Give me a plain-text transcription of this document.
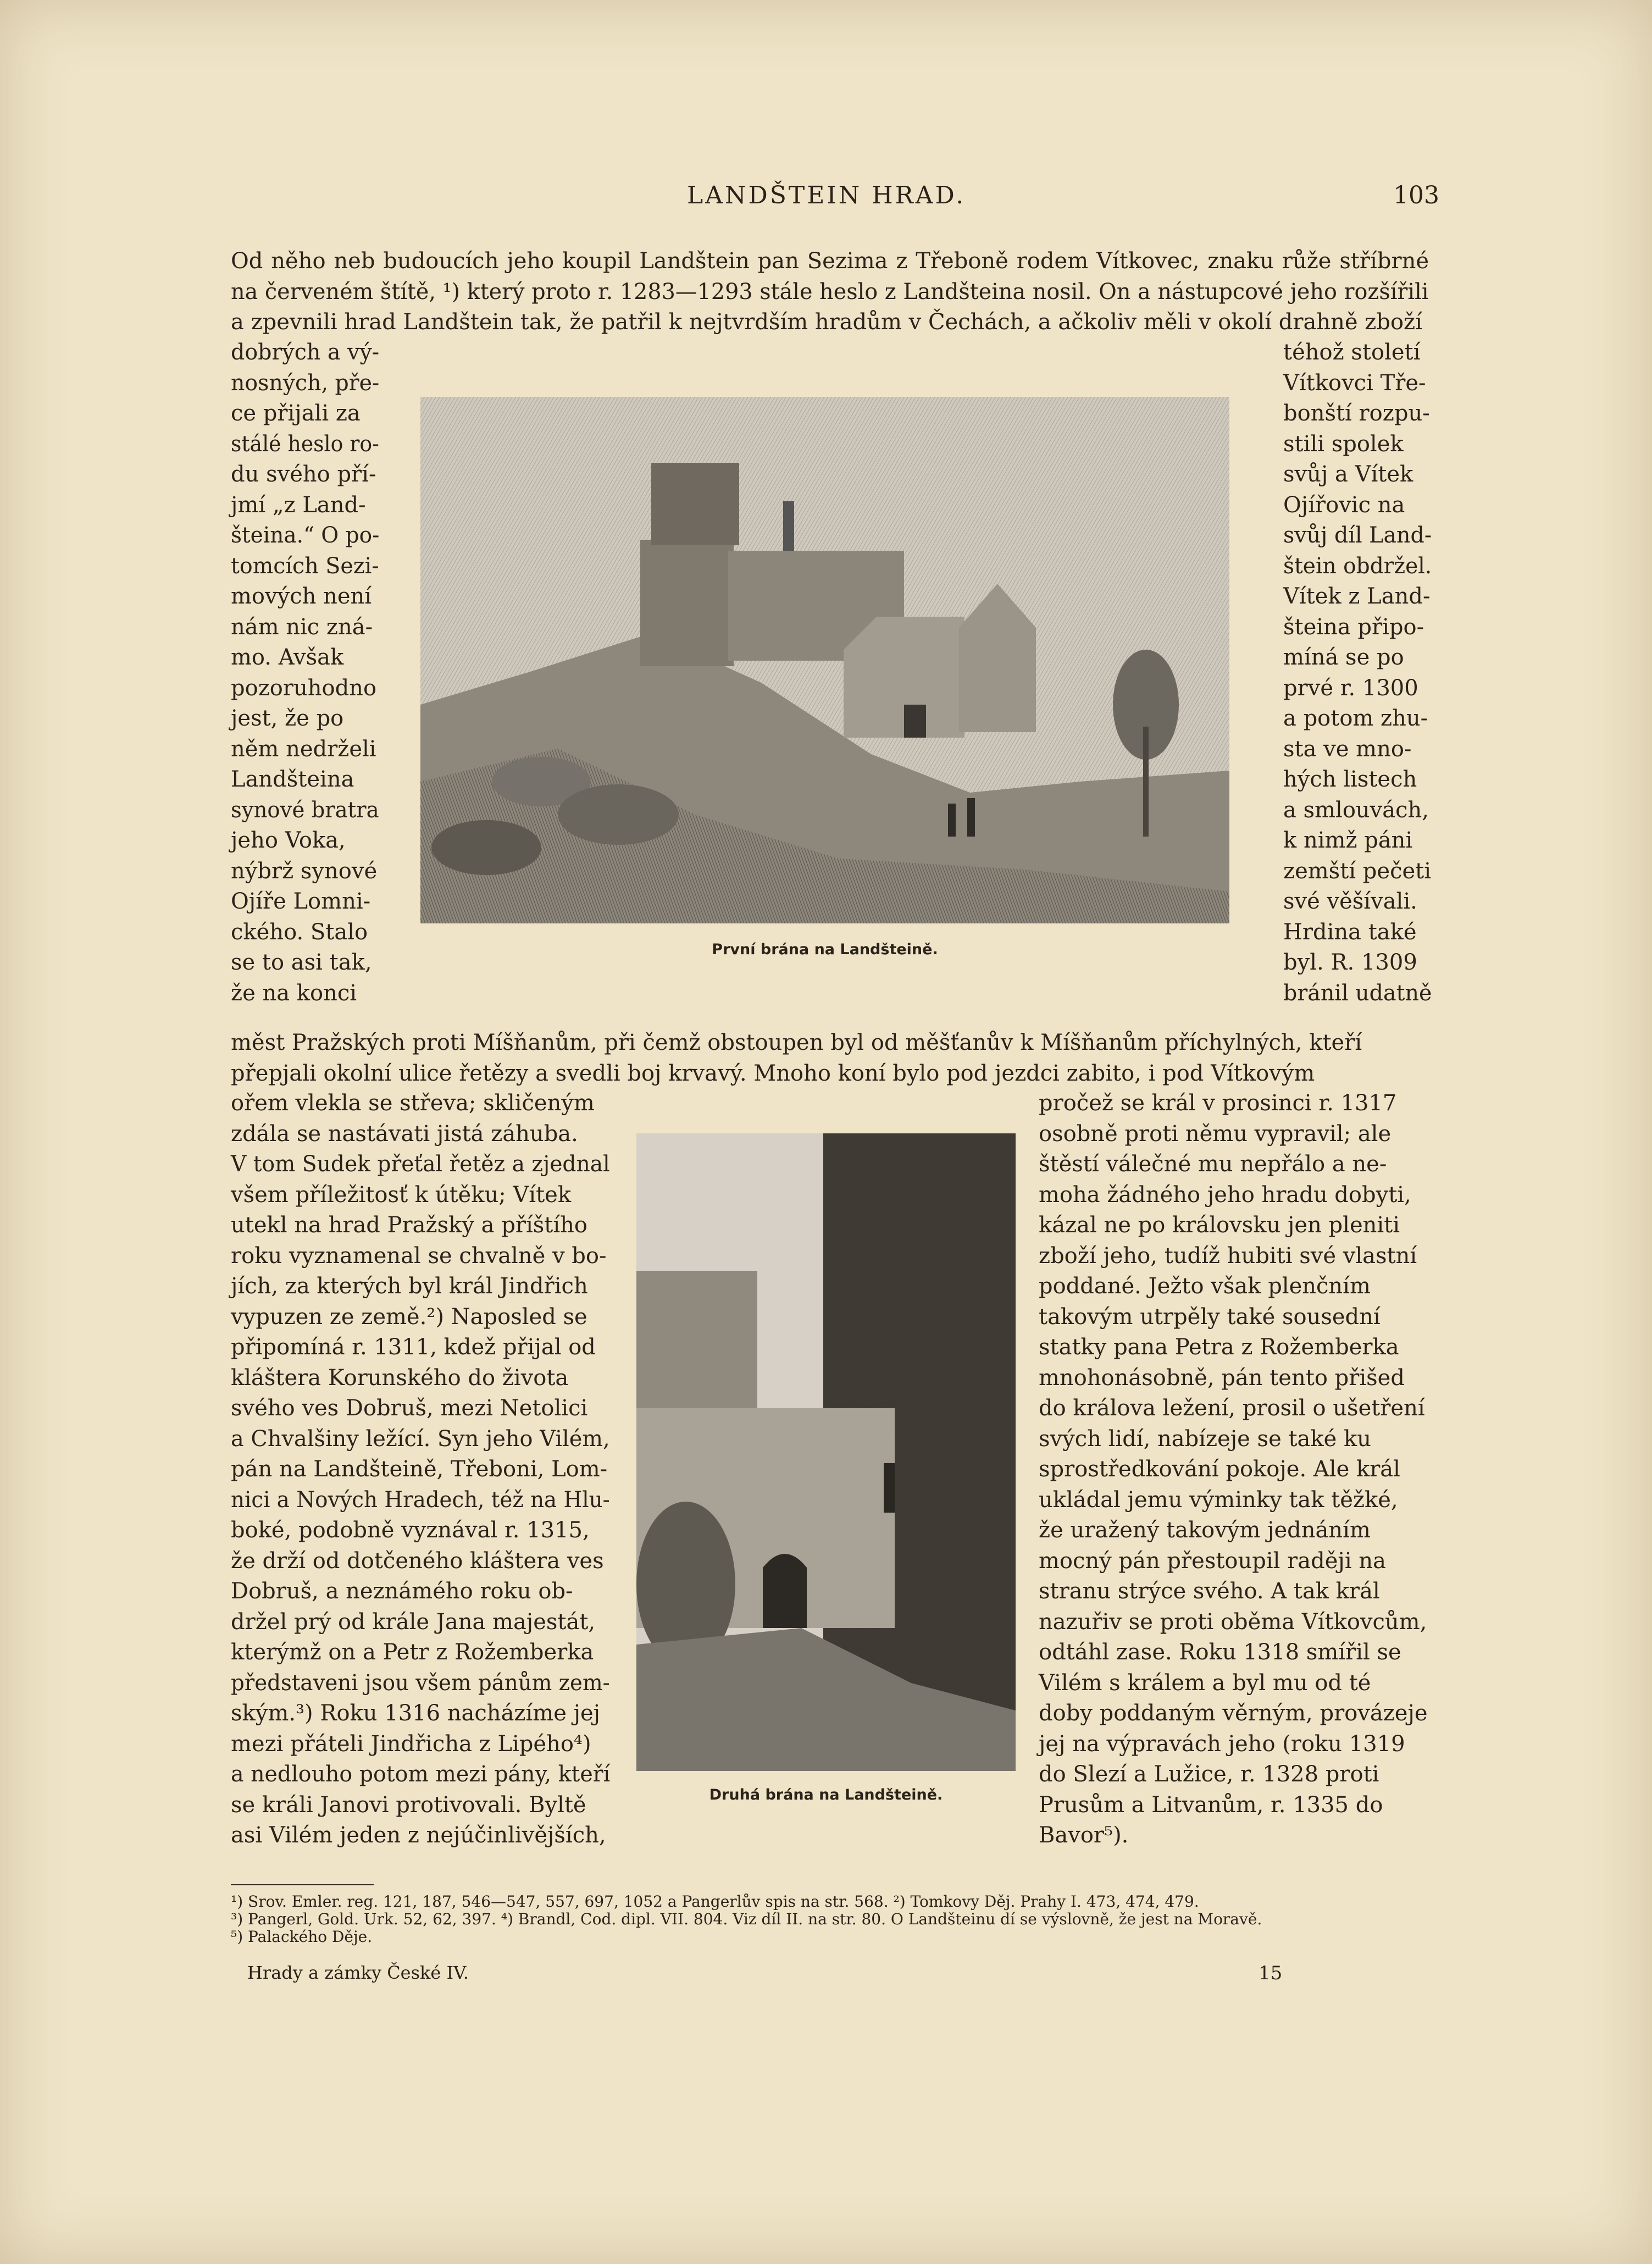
LANDŠTEIN HRAD.	103
Od něho neb budoucích jeho koupil Landštein pan Sezima z Třeboně rodem Vítkovec, znaku růže stříbrné
na červeném štítě, ¹) který proto r. 1283—1293 stále heslo z Landšteina nosil. On a nástupcové jeho rozšířili
a zpevnili hrad Landštein tak, že patřil k nejtvrdším hradům v Čechách, a ačkoliv měli v okolí drahně zboží
dobrých a vý-
nosných, pře-
ce přijali za
stálé heslo ro-
du svého pří-
jmí „z Land-
šteina.“ O po-
tomcích Sezi-
mových není
nám nic zná-
mo. Avšak
pozoruhodno
jest, že po
něm nedrželi
Landšteina
synové bratra
jeho Voka,
nýbrž synové
Ojíře Lomni-
ckého. Stalo
se to asi tak,
že na konci
téhož století
Vítkovci Tře-
bonští rozpu-
stili spolek
svůj a Vítek
Ojířovic na
svůj díl Land-
štein obdržel.
Vítek z Land-
šteina připo-
míná se po
prvé r. 1300
a potom zhu-
sta ve mno-
hých listech
a smlouvách,
k nimž páni
zemští pečeti
své věšívali.
Hrdina také
byl. R. 1309
bránil udatně
První brána na Landšteině.
měst Pražských proti Míšňanům, při čemž obstoupen byl od měšťanův k Míšňanům příchylných, kteří
přepjali okolní ulice řetězy a svedli boj krvavý. Mnoho koní bylo pod jezdci zabito, i pod Vítkovým
ořem vlekla se střeva; skličeným
zdála se nastávati jistá záhuba.
V tom Sudek přeťal řetěz a zjednal
všem příležitosť k útěku; Vítek
utekl na hrad Pražský a příštího
roku vyznamenal se chvalně v bo-
jích, za kterých byl král Jindřich
vypuzen ze země.²) Naposled se
připomíná r. 1311, kdež přijal od
kláštera Korunského do života
svého ves Dobruš, mezi Netolici
a Chvalšiny ležící. Syn jeho Vilém,
pán na Landšteině, Třeboni, Lom-
nici a Nových Hradech, též na Hlu-
boké, podobně vyznával r. 1315,
že drží od dotčeného kláštera ves
Dobruš, a neznámého roku ob-
držel prý od krále Jana majestát,
kterýmž on a Petr z Rožemberka
představeni jsou všem pánům zem-
ským.³) Roku 1316 nacházíme jej
mezi přáteli Jindřicha z Lipého⁴)
a nedlouho potom mezi pány, kteří
se králi Janovi protivovali. Byltě
asi Vilém jeden z nejúčinlivějších,
pročež se král v prosinci r. 1317
osobně proti němu vypravil; ale
štěstí válečné mu nepřálo a ne-
moha žádného jeho hradu dobyti,
kázal ne po královsku jen pleniti
zboží jeho, tudíž hubiti své vlastní
poddané. Ježto však plenčním
takovým utrpěly také sousední
statky pana Petra z Rožemberka
mnohonásobně, pán tento přišed
do králova ležení, prosil o ušetření
svých lidí, nabízeje se také ku
sprostředkování pokoje. Ale král
ukládal jemu výminky tak těžké,
že uražený takovým jednáním
mocný pán přestoupil raději na
stranu strýce svého. A tak král
nazuřiv se proti oběma Vítkovcům,
odtáhl zase. Roku 1318 smířil se
Vilém s králem a byl mu od té
doby poddaným věrným, provázeje
jej na výpravách jeho (roku 1319
do Slezí a Lužice, r. 1328 proti
Prusům a Litvanům, r. 1335 do
Bavor⁵).
Druhá brána na Landšteině.
¹) Srov. Emler. reg. 121, 187, 546—547, 557, 697, 1052 a Pangerlův spis na str. 568. ²) Tomkovy Děj. Prahy I. 473, 474, 479.
³) Pangerl, Gold. Urk. 52, 62, 397. ⁴) Brandl, Cod. dipl. VII. 804. Viz díl II. na str. 80. O Landšteinu dí se výslovně, že jest na Moravě.
⁵) Palackého Děje.
Hrady a zámky České IV.	15
